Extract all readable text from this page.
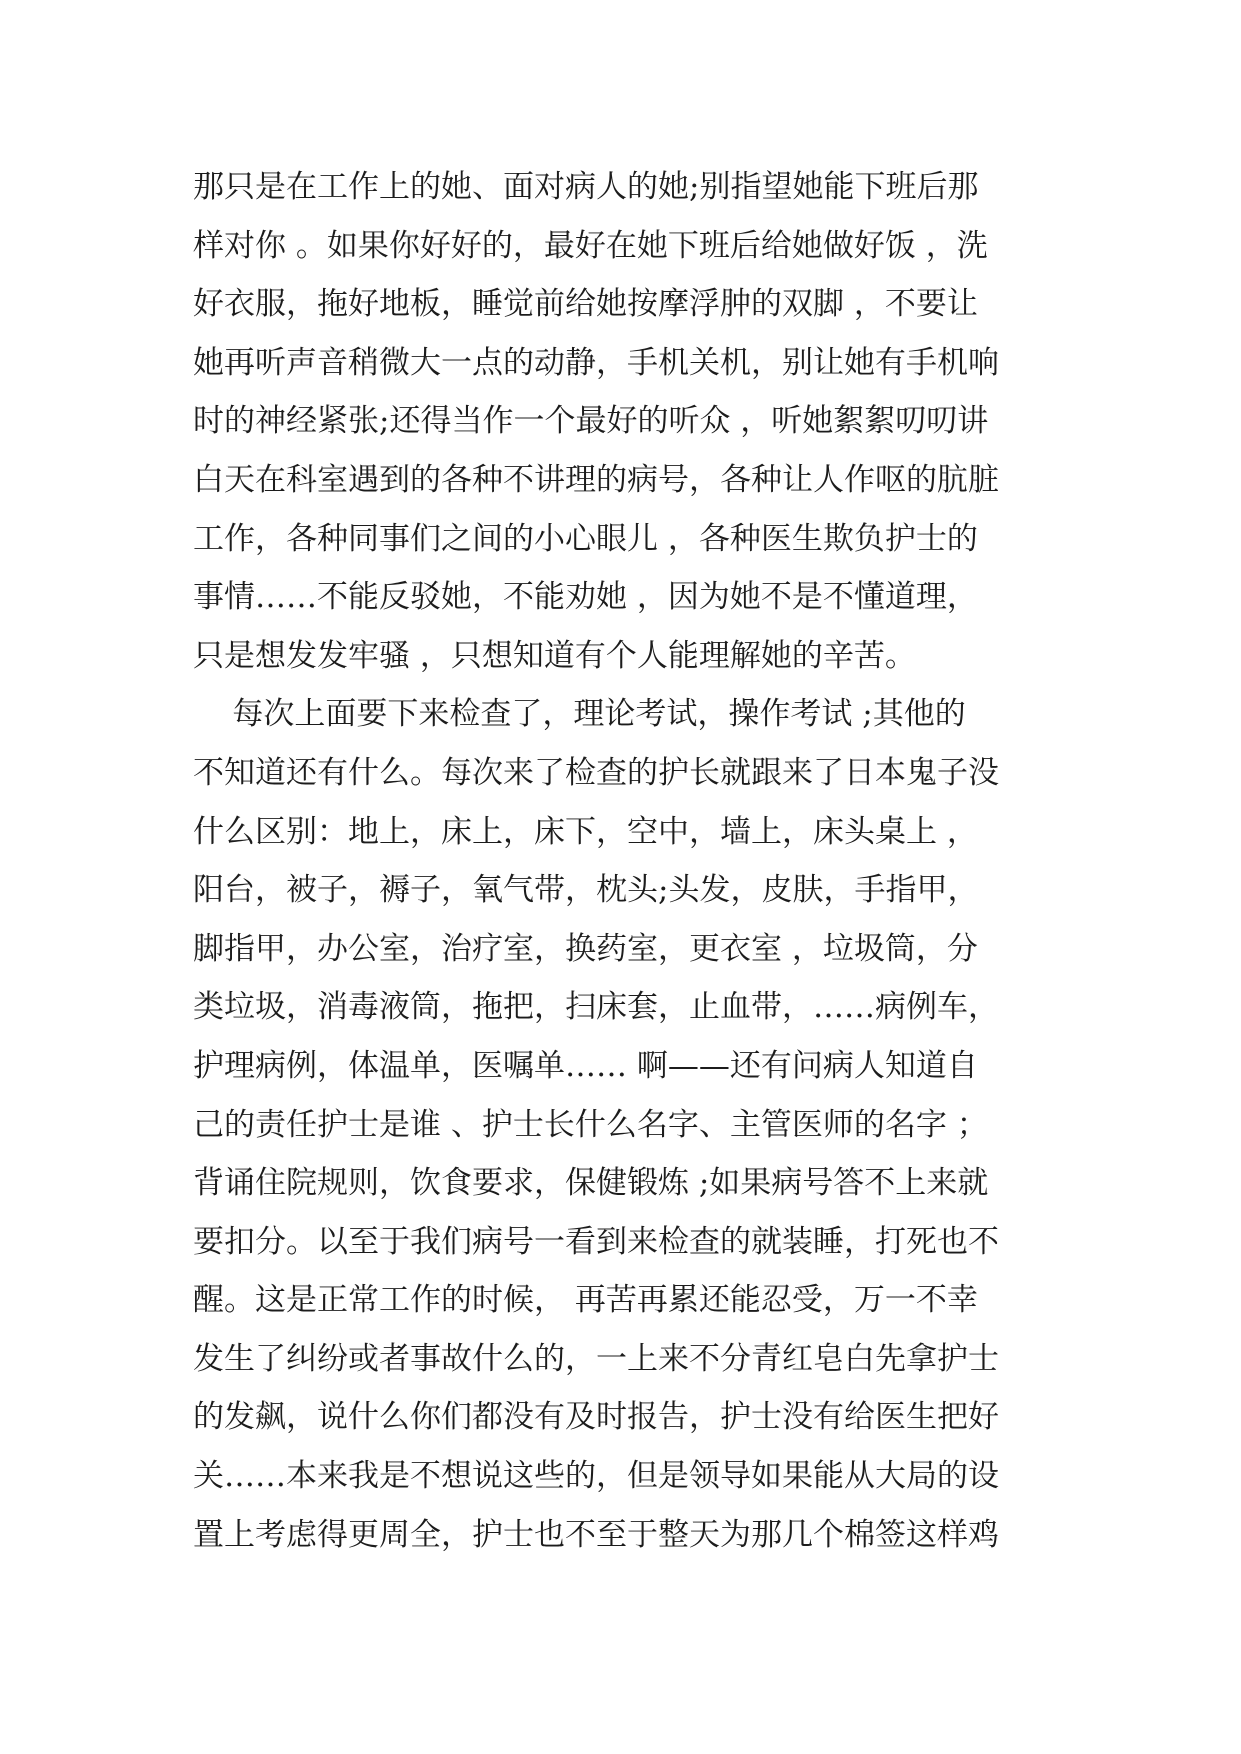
那只是在工作上的她、面对病人的她;别指望她能下班后那
样对你 。如果你好好的，最好在她下班后给她做好饭 ，洗
好衣服，拖好地板，睡觉前给她按摩浮肿的双脚 ，不要让
她再听声音稍微大一点的动静，手机关机，别让她有手机响
时的神经紧张;还得当作一个最好的听众 ，听她絮絮叨叨讲
白天在科室遇到的各种不讲理的病号，各种让人作呕的肮脏
工作，各种同事们之间的小心眼儿 ，各种医生欺负护士的
事情……不能反驳她，不能劝她 ，因为她不是不懂道理，
只是想发发牢骚 ，只想知道有个人能理解她的辛苦。
每次上面要下来检查了，理论考试，操作考试 ;其他的
不知道还有什么。每次来了检查的护长就跟来了日本鬼子没
什么区别：地上，床上，床下，空中，墙上，床头桌上 ，
阳台，被子，褥子，氧气带，枕头;头发，皮肤，手指甲，
脚指甲，办公室，治疗室，换药室，更衣室 ，垃圾筒，分
类垃圾，消毒液筒，拖把，扫床套，止血带，……病例车，
护理病例，体温单，医嘱单…… 啊——还有问病人知道自
己的责任护士是谁 、护士长什么名字、主管医师的名字 ；
背诵住院规则，饮食要求，保健锻炼 ;如果病号答不上来就
要扣分。以至于我们病号一看到来检查的就装睡，打死也不
醒。这是正常工作的时候， 再苦再累还能忍受，万一不幸
发生了纠纷或者事故什么的，一上来不分青红皂白先拿护士
的发飙，说什么你们都没有及时报告，护士没有给医生把好
关……本来我是不想说这些的，但是领导如果能从大局的设
置上考虑得更周全，护士也不至于整天为那几个棉签这样鸡
